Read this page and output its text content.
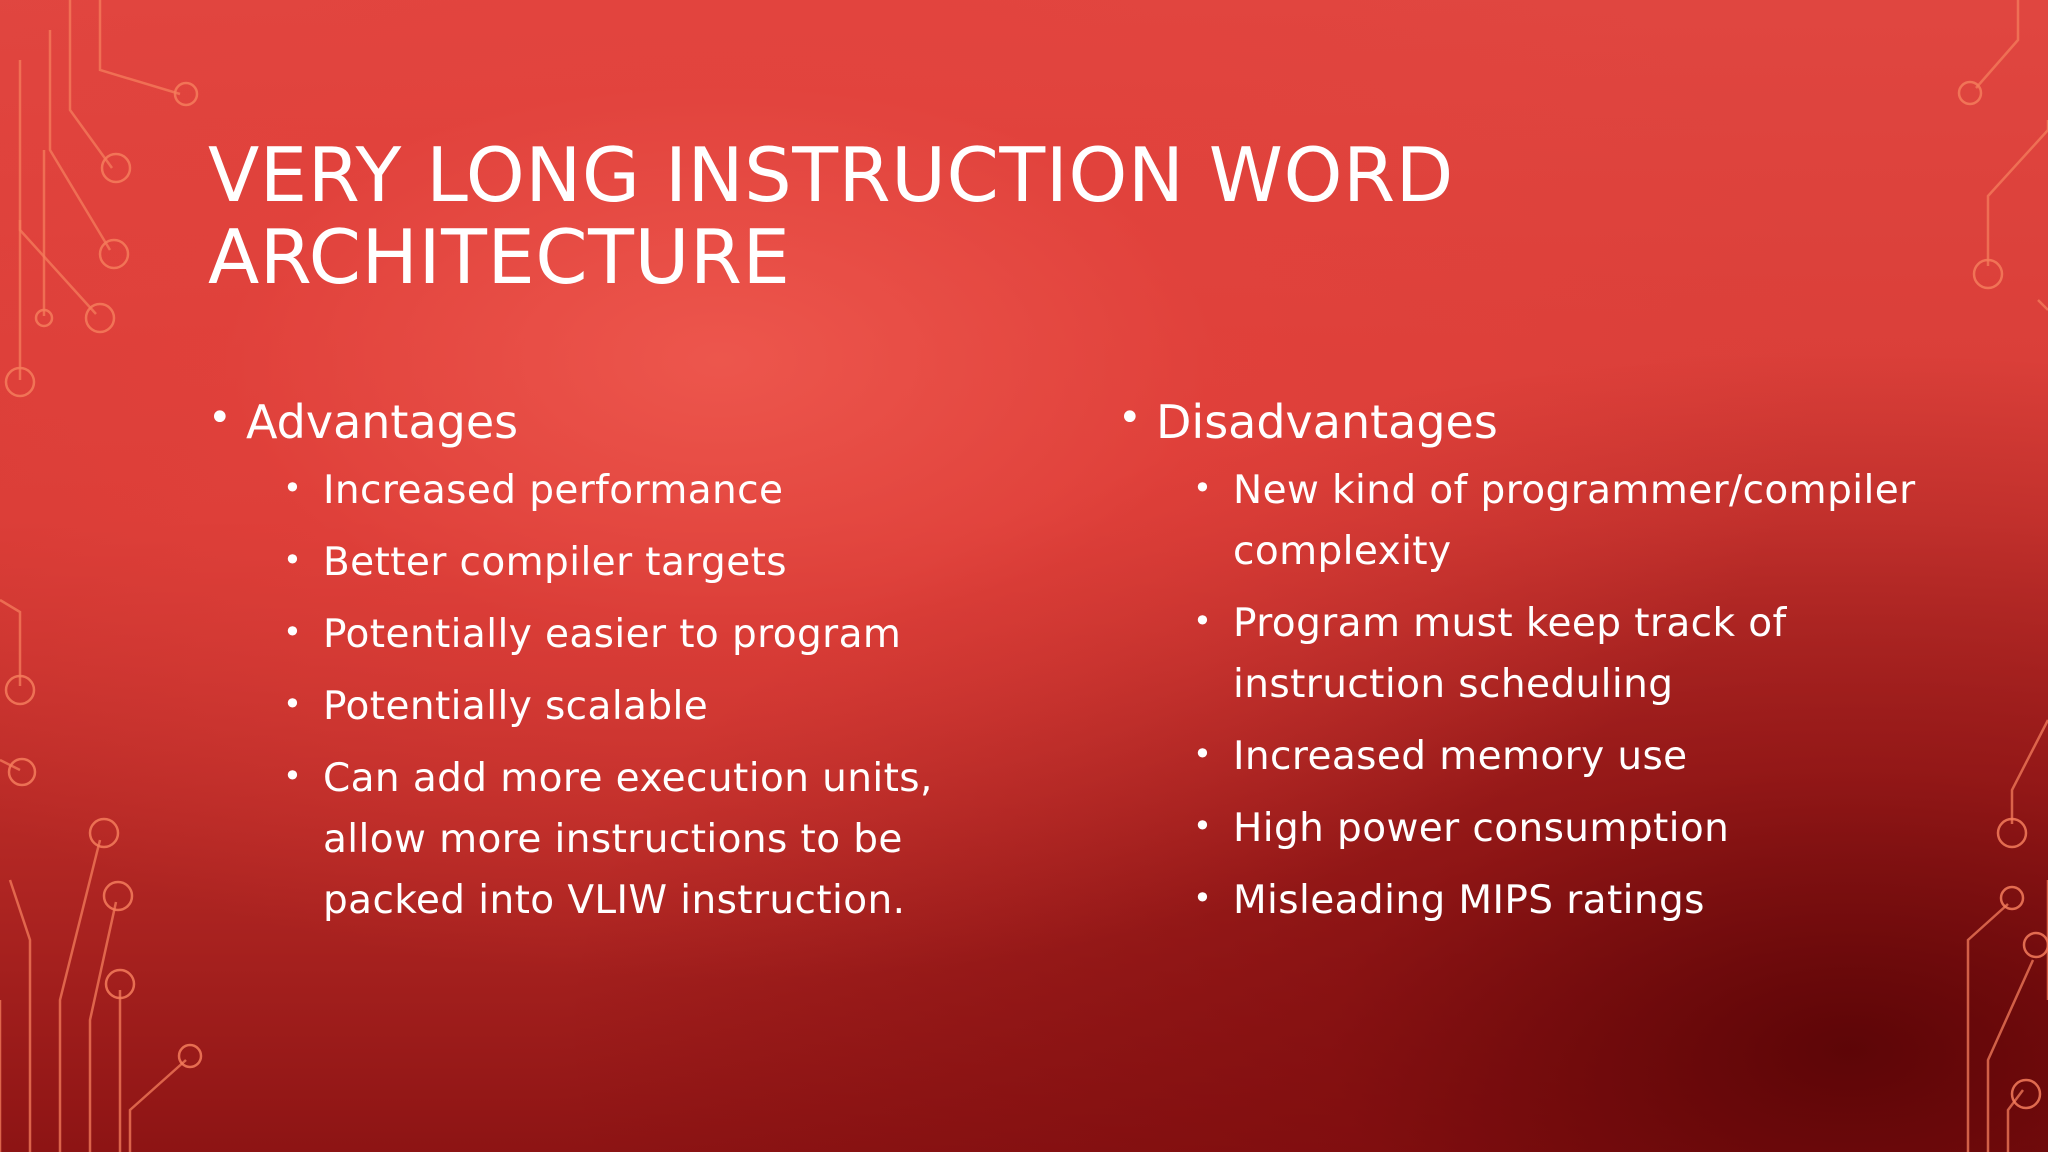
VERY LONG INSTRUCTION WORD ARCHITECTURE
• Advantages
• Increased performance
• Better compiler targets
• Potentially easier to program
• Potentially scalable
• Can add more execution units, allow more instructions to be packed into VLIW instruction.
• Disadvantages
• New kind of programmer/compiler complexity
• Program must keep track of instruction scheduling
• Increased memory use
• High power consumption
• Misleading MIPS ratings
